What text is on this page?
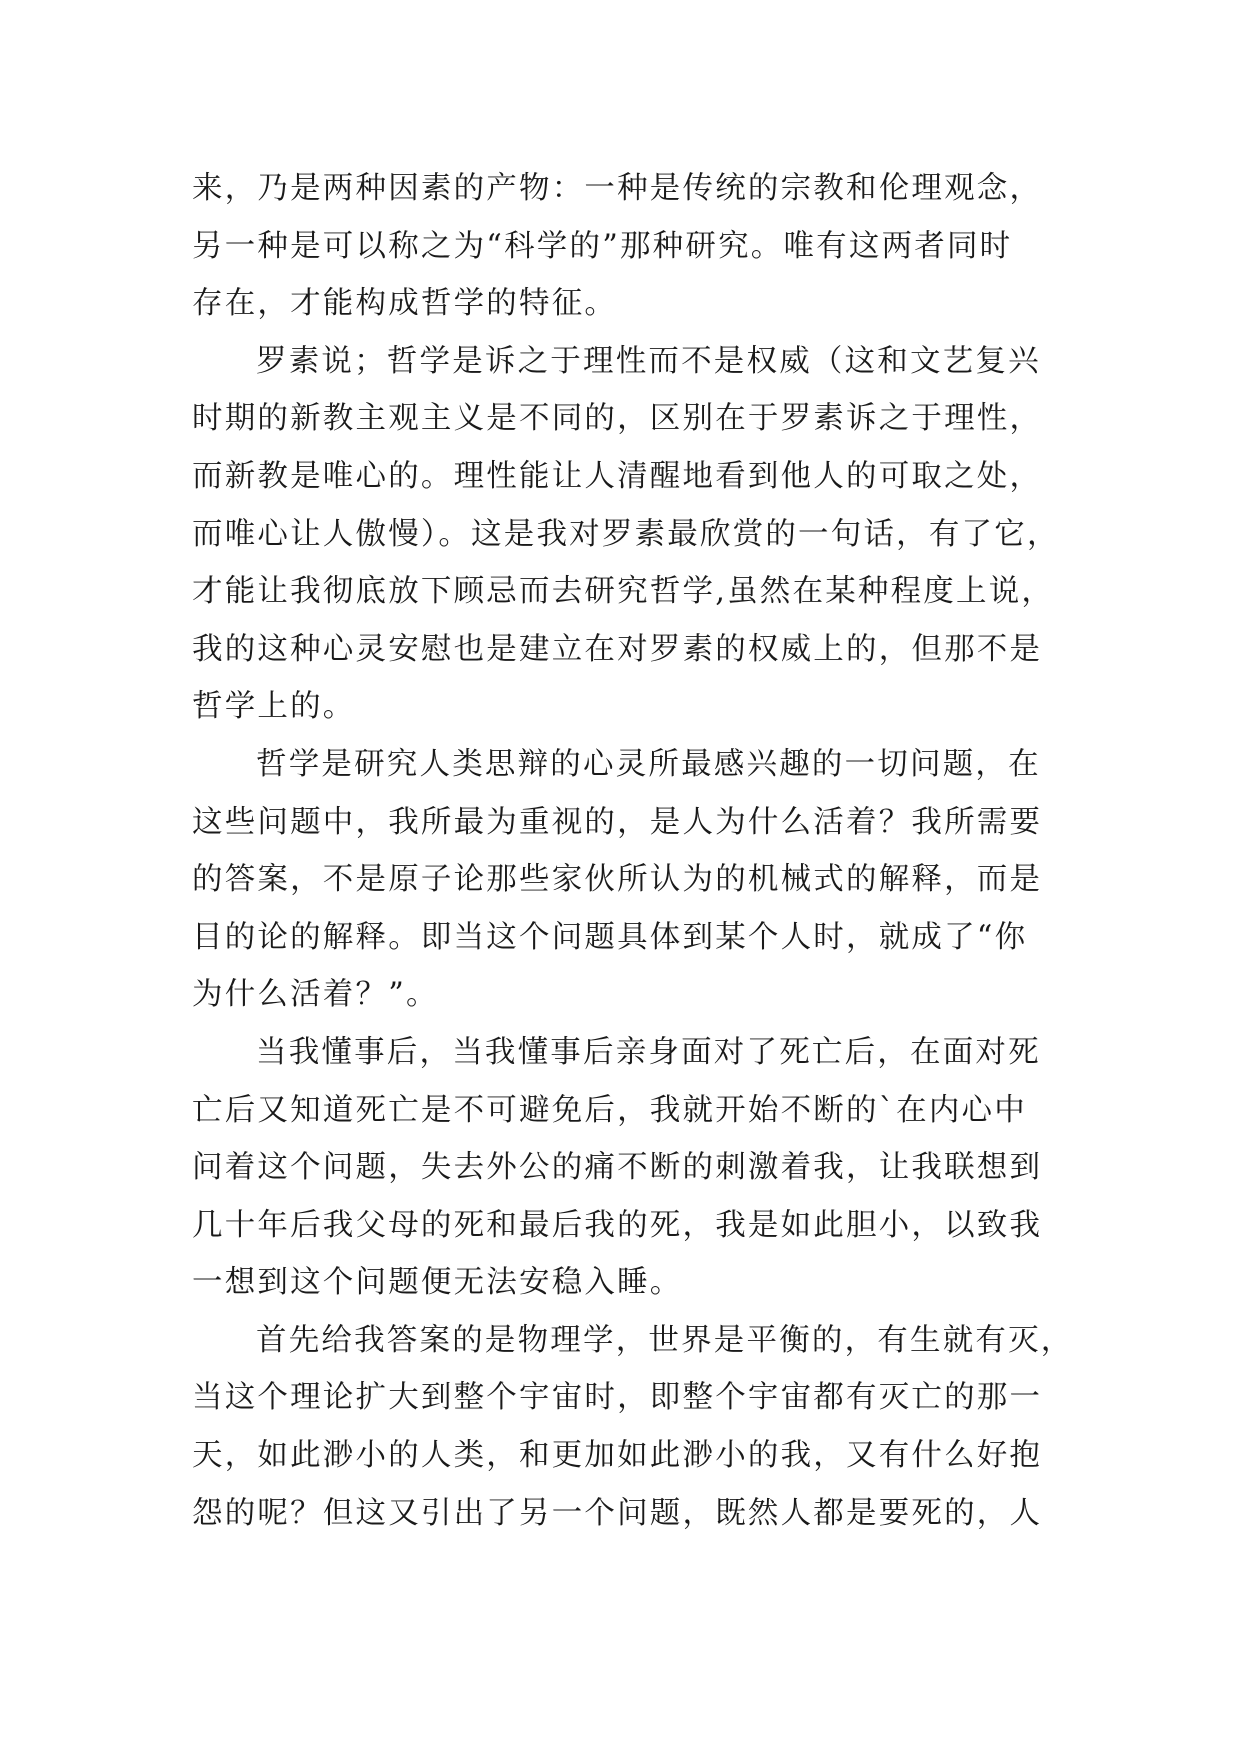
来，乃是两种因素的产物：一种是传统的宗教和伦理观念，
另一种是可以称之为“科学的”那种研究。唯有这两者同时
存在，才能构成哲学的特征。
罗素说；哲学是诉之于理性而不是权威（这和文艺复兴
时期的新教主观主义是不同的，区别在于罗素诉之于理性，
而新教是唯心的。理性能让人清醒地看到他人的可取之处，
而唯心让人傲慢）。这是我对罗素最欣赏的一句话，有了它，
才能让我彻底放下顾忌而去研究哲学,虽然在某种程度上说，
我的这种心灵安慰也是建立在对罗素的权威上的，但那不是
哲学上的。
哲学是研究人类思辩的心灵所最感兴趣的一切问题，在
这些问题中，我所最为重视的，是人为什么活着？我所需要
的答案，不是原子论那些家伙所认为的机械式的解释，而是
目的论的解释。即当这个问题具体到某个人时，就成了“你
为什么活着？”。
当我懂事后，当我懂事后亲身面对了死亡后，在面对死
亡后又知道死亡是不可避免后，我就开始不断的`在内心中
问着这个问题，失去外公的痛不断的刺激着我，让我联想到
几十年后我父母的死和最后我的死，我是如此胆小，以致我
一想到这个问题便无法安稳入睡。
首先给我答案的是物理学，世界是平衡的，有生就有灭，
当这个理论扩大到整个宇宙时，即整个宇宙都有灭亡的那一
天，如此渺小的人类，和更加如此渺小的我，又有什么好抱
怨的呢？但这又引出了另一个问题，既然人都是要死的，人
